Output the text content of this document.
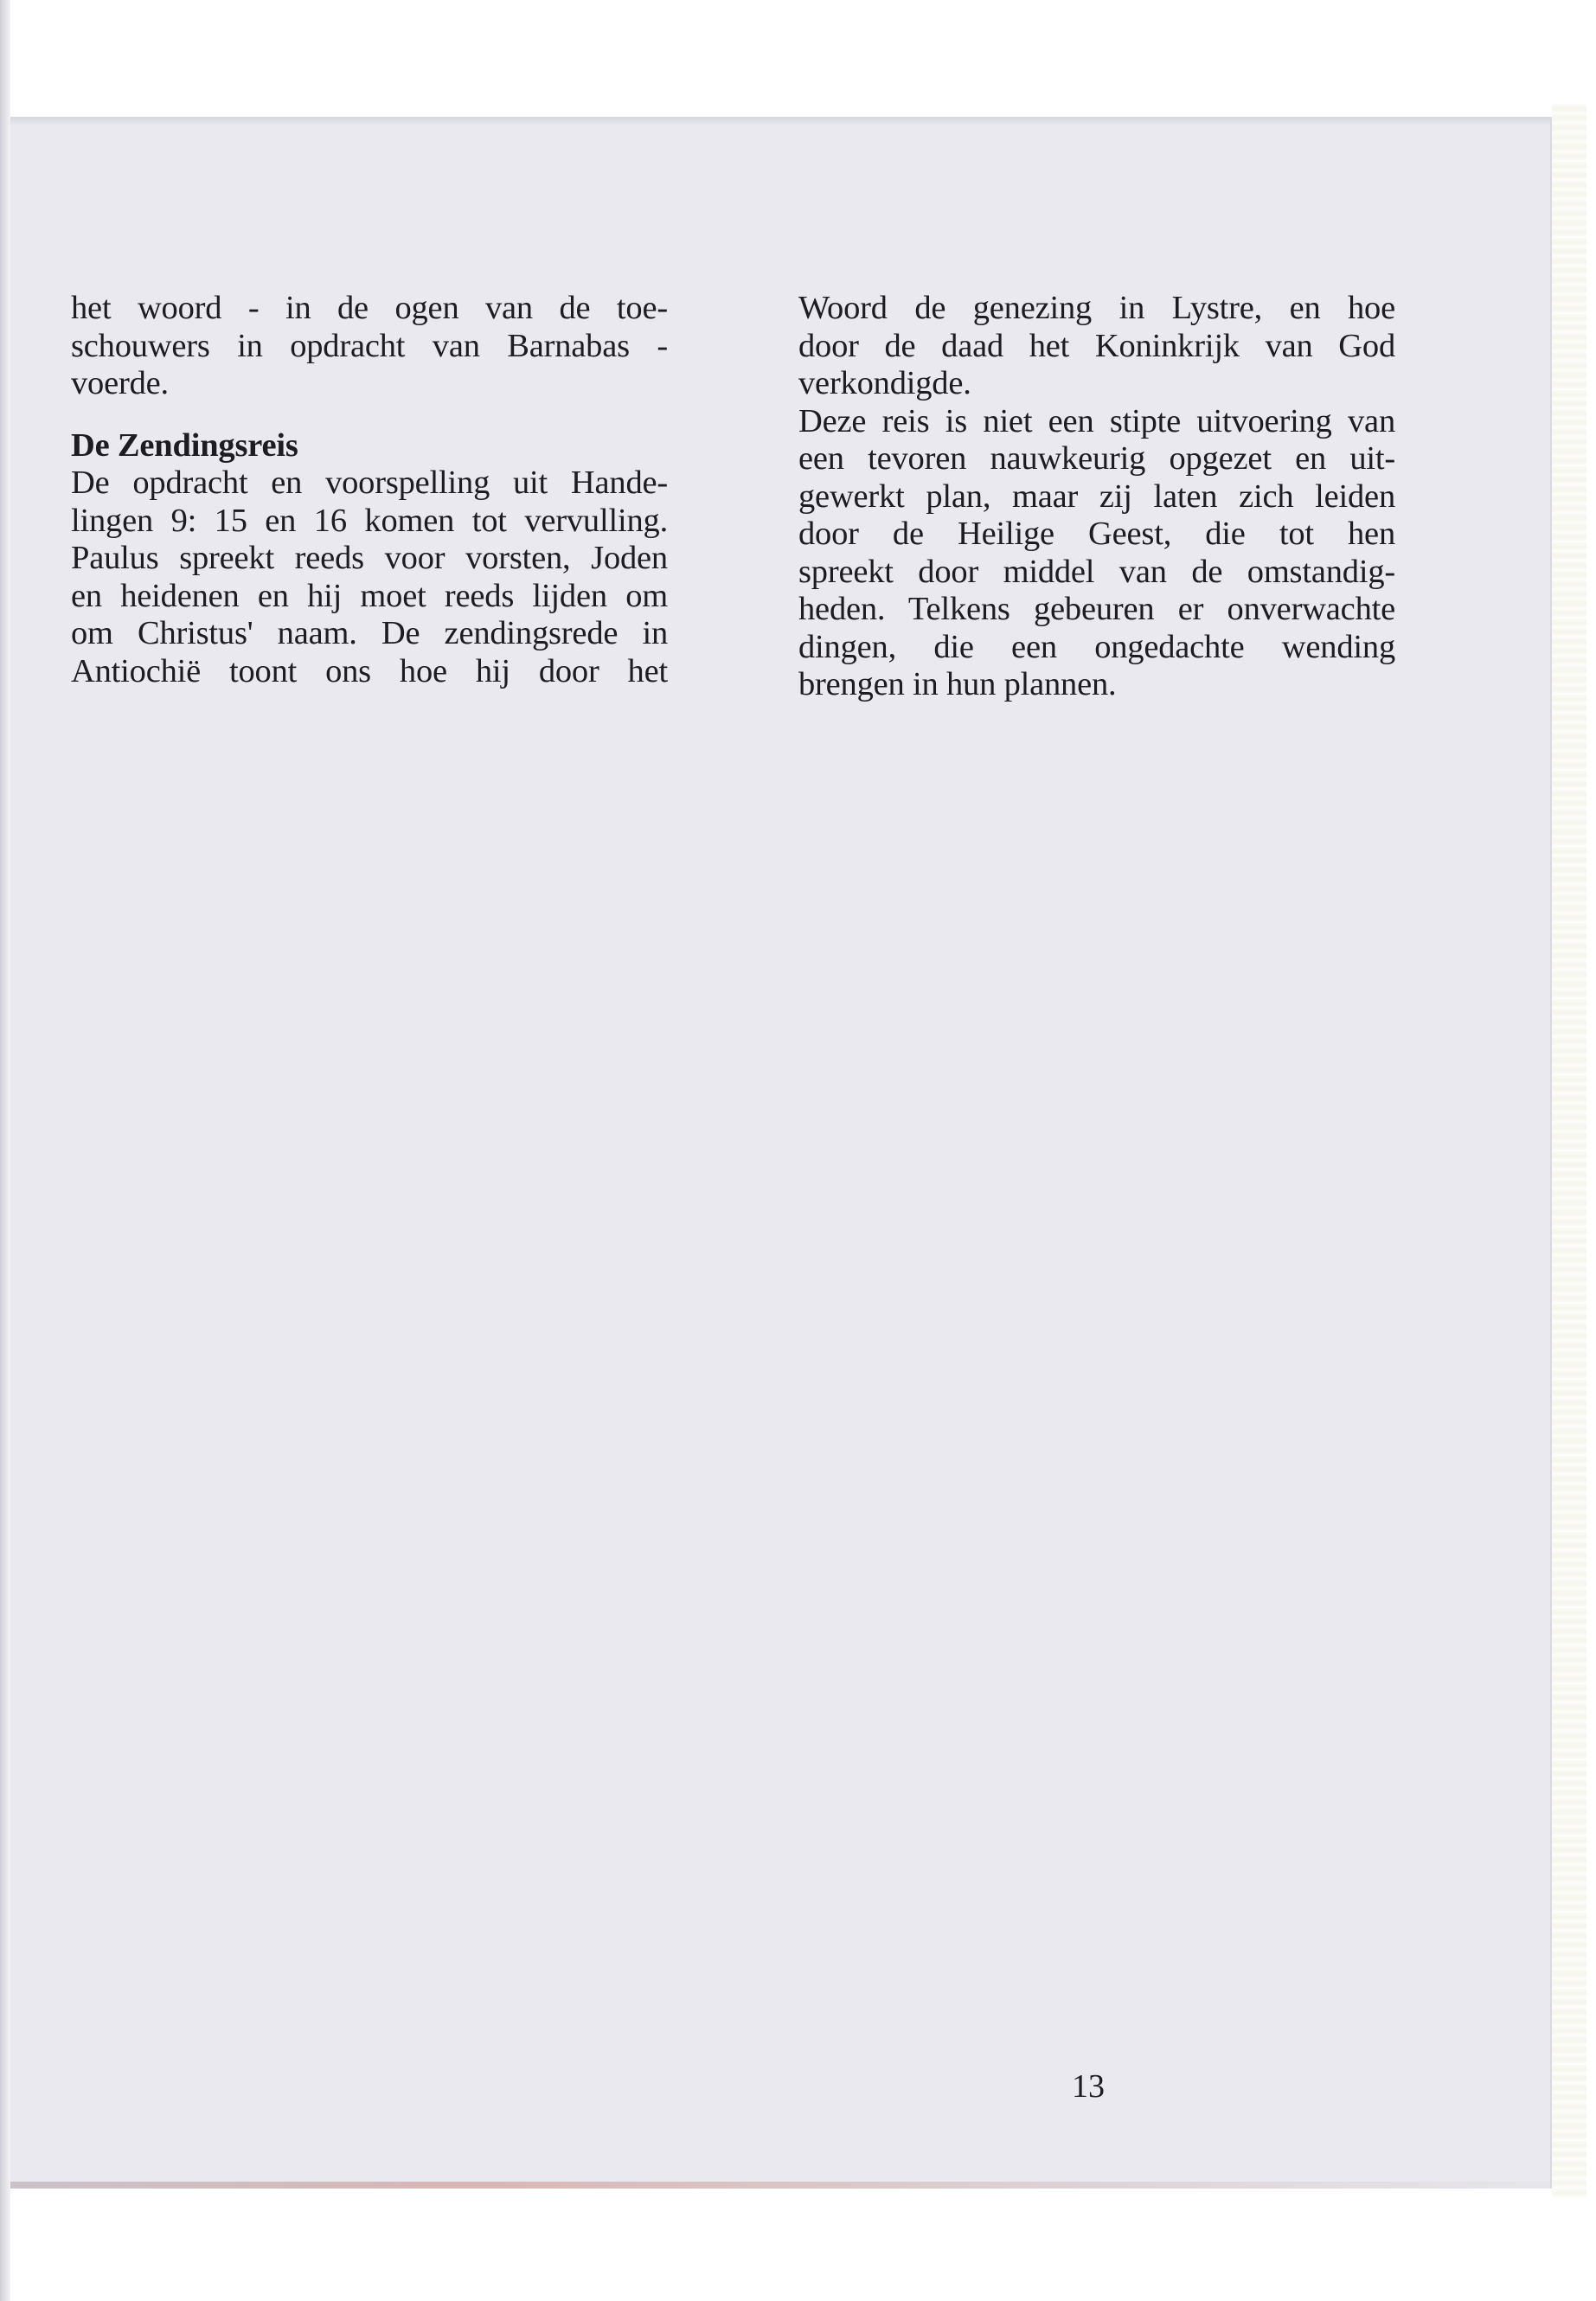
het woord - in de ogen van de toe-
schouwers in opdracht van Barnabas -
voerde.

De Zendingsreis

De opdracht en voorspelling uit Hande-
lingen 9: 15 en 16 komen tot vervulling.
Paulus spreekt reeds voor vorsten, Joden
en heidenen en hij moet reeds lijden om
om Christus' naam. De zendingsrede in
Antiochië toont ons hoe hij door het

Woord de genezing in Lystre, en hoe
door de daad het Koninkrijk van God
verkondigde.

Deze reis is niet een stipte uitvoering van
een tevoren nauwkeurig opgezet en uit-
gewerkt plan, maar zij laten zich leiden
door de Heilige Geest, die tot hen
spreekt door middel van de omstandig-
heden. Telkens gebeuren er onverwachte
dingen, die een ongedachte wending
brengen in hun plannen.

13
